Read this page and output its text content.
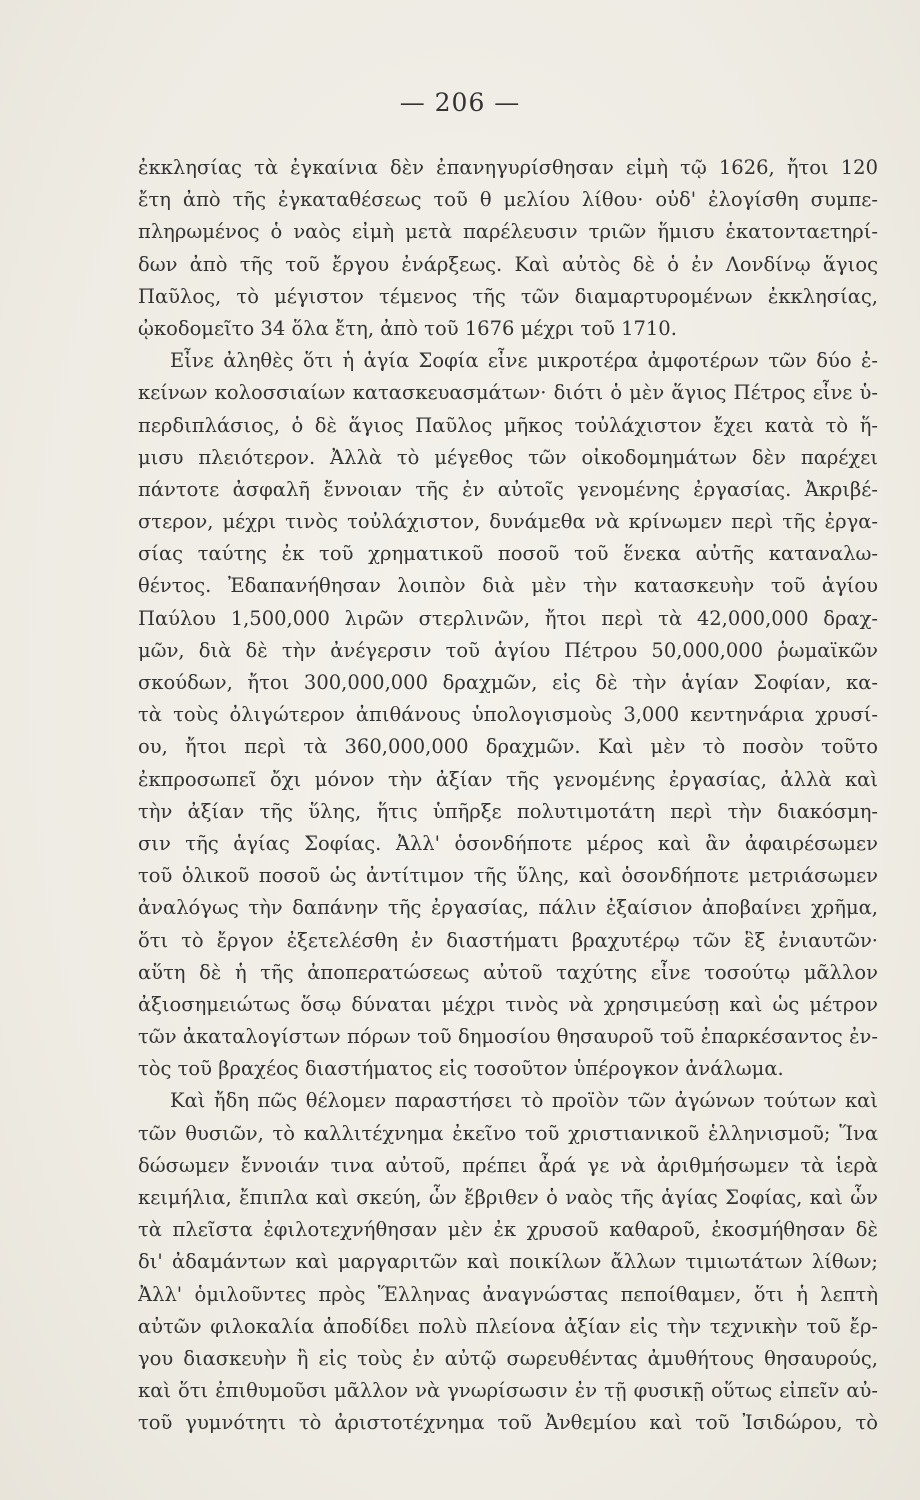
— 206 —
ἐκκλησίας τὰ ἐγκαίνια δὲν ἐπανηγυρίσθησαν εἰμὴ τῷ 1626, ἤτοι 120
ἔτη ἀπὸ τῆς ἐγκαταθέσεως τοῦ θ μελίου λίθου· οὐδ' ἐλογίσθη συμπε-
πληρωμένος ὁ ναὸς εἰμὴ μετὰ παρέλευσιν τριῶν ἥμισυ ἑκατονταετηρί-
δων ἀπὸ τῆς τοῦ ἔργου ἐνάρξεως. Καὶ αὐτὸς δὲ ὁ ἐν Λονδίνῳ ἅγιος
Παῦλος, τὸ μέγιστον τέμενος τῆς τῶν διαμαρτυρομένων ἐκκλησίας,
ᾠκοδομεῖτο 34 ὅλα ἔτη, ἀπὸ τοῦ 1676 μέχρι τοῦ 1710.
Εἶνε ἀληθὲς ὅτι ἡ ἁγία Σοφία εἶνε μικροτέρα ἀμφοτέρων τῶν δύο ἐ-
κείνων κολοσσιαίων κατασκευασμάτων· διότι ὁ μὲν ἅγιος Πέτρος εἶνε ὑ-
περδιπλάσιος, ὁ δὲ ἅγιος Παῦλος μῆκος τοὐλάχιστον ἔχει κατὰ τὸ ἥ-
μισυ πλειότερον. Ἀλλὰ τὸ μέγεθος τῶν οἰκοδομημάτων δὲν παρέχει
πάντοτε ἀσφαλῆ ἔννοιαν τῆς ἐν αὐτοῖς γενομένης ἐργασίας. Ἀκριβέ-
στερον, μέχρι τινὸς τοὐλάχιστον, δυνάμεθα νὰ κρίνωμεν περὶ τῆς ἐργα-
σίας ταύτης ἐκ τοῦ χρηματικοῦ ποσοῦ τοῦ ἕνεκα αὐτῆς καταναλω-
θέντος. Ἐδαπανήθησαν λοιπὸν διὰ μὲν τὴν κατασκευὴν τοῦ ἁγίου
Παύλου 1,500,000 λιρῶν στερλινῶν, ἤτοι περὶ τὰ 42,000,000 δραχ-
μῶν, διὰ δὲ τὴν ἀνέγερσιν τοῦ ἁγίου Πέτρου 50,000,000 ῥωμαϊκῶν
σκούδων, ἤτοι 300,000,000 δραχμῶν, εἰς δὲ τὴν ἁγίαν Σοφίαν, κα-
τὰ τοὺς ὀλιγώτερον ἀπιθάνους ὑπολογισμοὺς 3,000 κεντηνάρια χρυσί-
ου, ἤτοι περὶ τὰ 360,000,000 δραχμῶν. Καὶ μὲν τὸ ποσὸν τοῦτο
ἐκπροσωπεῖ ὄχι μόνον τὴν ἀξίαν τῆς γενομένης ἐργασίας, ἀλλὰ καὶ
τὴν ἀξίαν τῆς ὕλης, ἥτις ὑπῆρξε πολυτιμοτάτη περὶ τὴν διακόσμη-
σιν τῆς ἁγίας Σοφίας. Ἀλλ' ὁσονδήποτε μέρος καὶ ἂν ἀφαιρέσωμεν
τοῦ ὁλικοῦ ποσοῦ ὡς ἀντίτιμον τῆς ὕλης, καὶ ὁσονδήποτε μετριάσωμεν
ἀναλόγως τὴν δαπάνην τῆς ἐργασίας, πάλιν ἐξαίσιον ἀποβαίνει χρῆμα,
ὅτι τὸ ἔργον ἐξετελέσθη ἐν διαστήματι βραχυτέρῳ τῶν ἓξ ἐνιαυτῶν·
αὕτη δὲ ἡ τῆς ἀποπερατώσεως αὐτοῦ ταχύτης εἶνε τοσούτῳ μᾶλλον
ἀξιοσημειώτως ὅσῳ δύναται μέχρι τινὸς νὰ χρησιμεύσῃ καὶ ὡς μέτρον
τῶν ἀκαταλογίστων πόρων τοῦ δημοσίου θησαυροῦ τοῦ ἐπαρκέσαντος ἐν-
τὸς τοῦ βραχέος διαστήματος εἰς τοσοῦτον ὑπέρογκον ἀνάλωμα.
Καὶ ἤδη πῶς θέλομεν παραστήσει τὸ προϊὸν τῶν ἀγώνων τούτων καὶ
τῶν θυσιῶν, τὸ καλλιτέχνημα ἐκεῖνο τοῦ χριστιανικοῦ ἑλληνισμοῦ; Ἵνα
δώσωμεν ἔννοιάν τινα αὐτοῦ, πρέπει ἆρά γε νὰ ἀριθμήσωμεν τὰ ἱερὰ
κειμήλια, ἔπιπλα καὶ σκεύη, ὧν ἔβριθεν ὁ ναὸς τῆς ἁγίας Σοφίας, καὶ ὧν
τὰ πλεῖστα ἐφιλοτεχνήθησαν μὲν ἐκ χρυσοῦ καθαροῦ, ἐκοσμήθησαν δὲ
δι' ἀδαμάντων καὶ μαργαριτῶν καὶ ποικίλων ἄλλων τιμιωτάτων λίθων;
Ἀλλ' ὁμιλοῦντες πρὸς Ἕλληνας ἀναγνώστας πεποίθαμεν, ὅτι ἡ λεπτὴ
αὐτῶν φιλοκαλία ἀποδίδει πολὺ πλείονα ἀξίαν εἰς τὴν τεχνικὴν τοῦ ἔρ-
γου διασκευὴν ἢ εἰς τοὺς ἐν αὐτῷ σωρευθέντας ἀμυθήτους θησαυρούς,
καὶ ὅτι ἐπιθυμοῦσι μᾶλλον νὰ γνωρίσωσιν ἐν τῇ φυσικῇ οὕτως εἰπεῖν αὐ-
τοῦ γυμνότητι τὸ ἀριστοτέχνημα τοῦ Ἀνθεμίου καὶ τοῦ Ἰσιδώρου, τὸ
